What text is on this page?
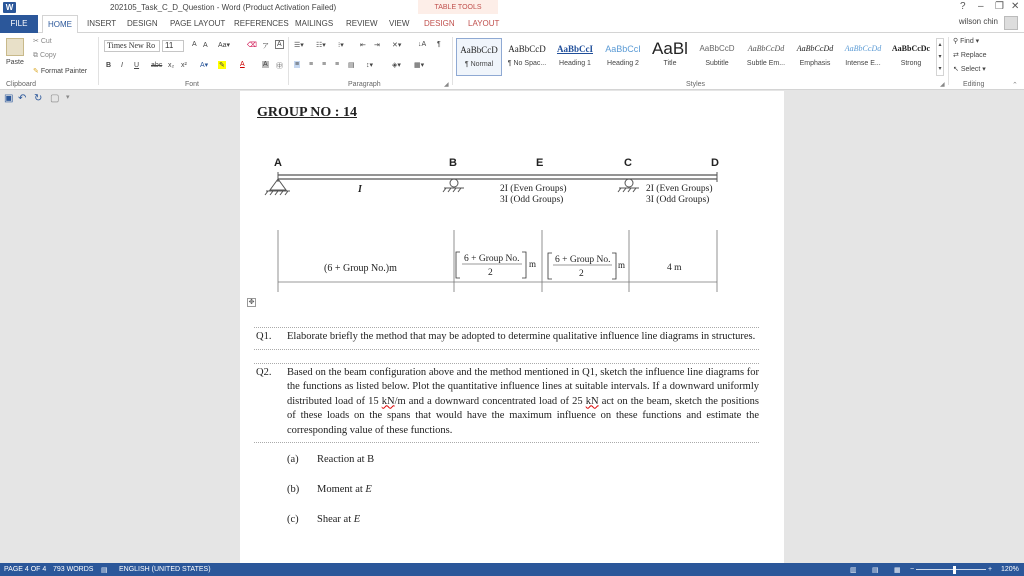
W	202105_Task_C_D_Question - Word (Product Activation Failed)	TABLE TOOLS	? – ❐ ✕
FILE	HOME	INSERT DESIGN PAGE LAYOUT REFERENCES MAILINGS REVIEW VIEW DESIGN LAYOUT	wilson chin
Paste
✂ Cut
⧉ Copy
✎ Format Painter
Clipboard
Times New Ro	11	A A Aa▾ ⌫ ア A
B I U abc x₂ x² A▾ ✎ A	A ㊥
Font
☰▾ ☷▾ ⁝▾ ⇤ ⇥ ✕▾ ↓A ¶
≡ ≡ ≡ ≡ ▤ ↕▾	◈▾ ▦▾
Paragraph	◢
AaBbCcD
¶ Normal
AaBbCcD
¶ No Spac...
AaBbCcI
Heading 1
AaBbCcI
Heading 2
AaBl
Title
AaBbCcD
Subtitle
AaBbCcDd
Subtle Em...
AaBbCcDd
Emphasis
AaBbCcDd
Intense E...
AaBbCcDc
Strong
▴
▾
▾
Styles	◢
⚲ Find ▾
⇄ Replace
↖ Select ▾
Editing	⌃
▣ ↶ ↻ ▢ ▾
GROUP NO : 14
A	B	E	C	D
I	2I (Even Groups)
3I (Odd Groups)
2I (Even Groups)
3I (Odd Groups)
(6 + Group No.)m
6 + Group No.
2
m 6 + Group No.
2
m	4 m
✥
Q1. Elaborate briefly the method that may be adopted to determine qualitative influence line diagrams in structures.
Q2. Based on the beam configuration above and the method mentioned in Q1, sketch the influence line diagrams for the functions as listed below. Plot the quantitative influence lines at suitable intervals. If a downward uniformly distributed load of 15 kN/m and a downward concentrated load of 25 kN act on the beam, sketch the positions of these loads on the spans that would have the maximum influence on these functions and estimate the corresponding value of these functions.
(a) Reaction at B
(b) Moment at E
(c) Shear at E
PAGE 4 OF 4 793 WORDS ▤ ENGLISH (UNITED STATES)	▥ ▤ ▦ −	+ 120%
